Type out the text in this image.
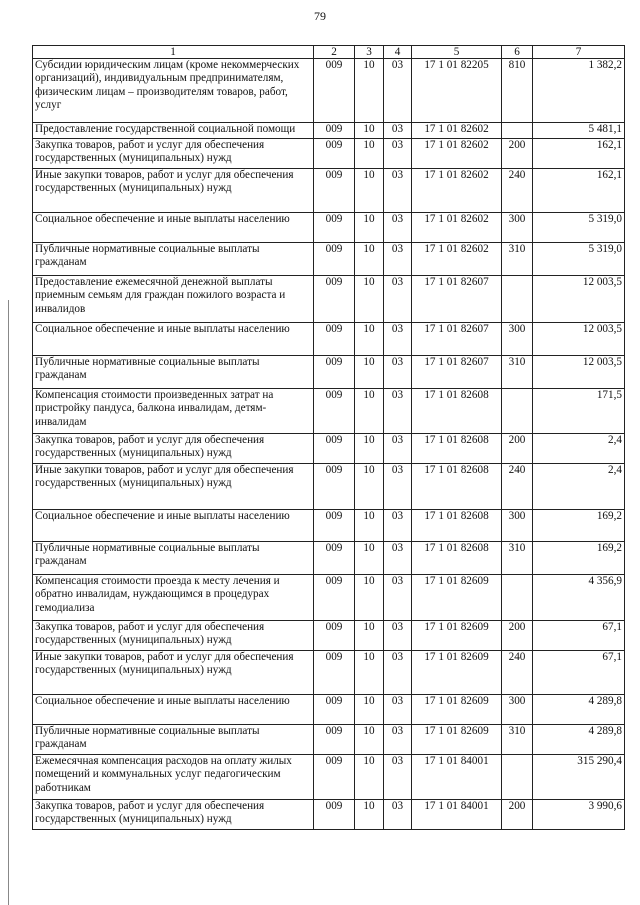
79
1	2	3	4	5	6	7
Субсидии юридическим лицам (кроме некоммерческих организаций), индивидуальным предпринимателям, физическим лицам – производителям товаров, работ, услуг	009	10	03	17 1 01 82205	810	1 382,2
Предоставление государственной социальной помощи	009	10	03	17 1 01 82602		5 481,1
Закупка товаров, работ и услуг для обеспечения государственных (муниципальных) нужд	009	10	03	17 1 01 82602	200	162,1
Иные закупки товаров, работ и услуг для обеспечения государственных (муниципальных) нужд	009	10	03	17 1 01 82602	240	162,1
Социальное обеспечение и иные выплаты населению	009	10	03	17 1 01 82602	300	5 319,0
Публичные нормативные социальные выплаты гражданам	009	10	03	17 1 01 82602	310	5 319,0
Предоставление ежемесячной денежной выплаты приемным семьям для граждан пожилого возраста и инвалидов	009	10	03	17 1 01 82607		12 003,5
Социальное обеспечение и иные выплаты населению	009	10	03	17 1 01 82607	300	12 003,5
Публичные нормативные социальные выплаты гражданам	009	10	03	17 1 01 82607	310	12 003,5
Компенсация стоимости произведенных затрат на пристройку пандуса, балкона инвалидам, детям-инвалидам	009	10	03	17 1 01 82608		171,5
Закупка товаров, работ и услуг для обеспечения государственных (муниципальных) нужд	009	10	03	17 1 01 82608	200	2,4
Иные закупки товаров, работ и услуг для обеспечения государственных (муниципальных) нужд	009	10	03	17 1 01 82608	240	2,4
Социальное обеспечение и иные выплаты населению	009	10	03	17 1 01 82608	300	169,2
Публичные нормативные социальные выплаты гражданам	009	10	03	17 1 01 82608	310	169,2
Компенсация стоимости проезда к месту лечения и обратно инвалидам, нуждающимся в процедурах гемодиализа	009	10	03	17 1 01 82609		4 356,9
Закупка товаров, работ и услуг для обеспечения государственных (муниципальных) нужд	009	10	03	17 1 01 82609	200	67,1
Иные закупки товаров, работ и услуг для обеспечения государственных (муниципальных) нужд	009	10	03	17 1 01 82609	240	67,1
Социальное обеспечение и иные выплаты населению	009	10	03	17 1 01 82609	300	4 289,8
Публичные нормативные социальные выплаты гражданам	009	10	03	17 1 01 82609	310	4 289,8
Ежемесячная компенсация расходов на оплату жилых помещений и коммунальных услуг педагогическим работникам	009	10	03	17 1 01 84001		315 290,4
Закупка товаров, работ и услуг для обеспечения государственных (муниципальных) нужд	009	10	03	17 1 01 84001	200	3 990,6
